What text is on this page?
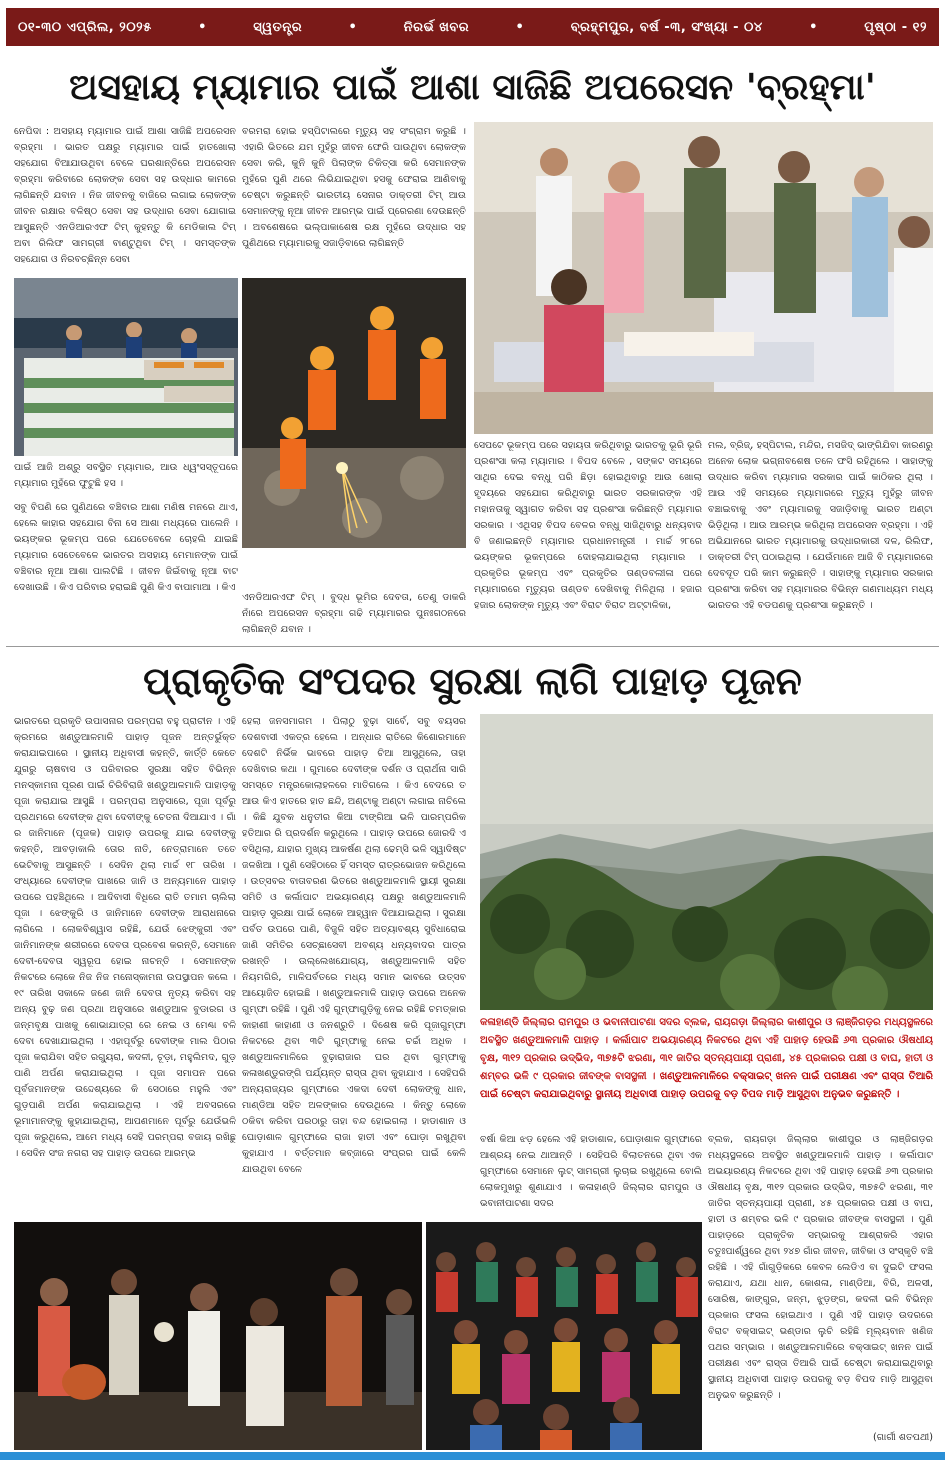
୦୧-୩୦ ଏପ୍ରିଲ, ୨୦୨୫	•	ସ୍ୱତନ୍ତ୍ର	•	ନିରର୍ଭ ଖବର	•	ବ୍ରହ୍ମପୁର, ବର୍ଷ -୩, ସଂଖ୍ୟା - ୦୪	•	ପୃଷ୍ଠା - ୧୨
ଅସହାୟ ମ୍ୟାମାର ପାଇଁ ଆଶା ସାଜିଛି ଅପରେସନ 'ବ୍ରହ୍ମା'
ନେପିଦା : ଅସହାୟ ମ୍ୟାମାର ପାଇଁ ଆଶା ସାଜିଛି ଅପରେସନ ବ୍ରହ୍ମା । ଭାରତ ପକ୍ଷରୁ ମ୍ୟାମାର ପାଇଁ ହାତଖୋଲା ସହଯୋଗ ବିଆଯାଉଥିବା ବେଳେ ଘରଶାନ୍ତିରେ ଅପରେସନ ବ୍ରହ୍ମା କରିବାରେ ଲୋକଙ୍କ ସେବା ସହ ଉଦ୍ଧାର କାମରେ ଲାଗିଛନ୍ତି ଯବାନ । ନିଜ ଜୀବନକୁ ବାଜିରେ ଲଗାଇ ଲୋକଙ୍କ ଜୀବନ ରକ୍ଷାର ବଳିଷ୍ଠ ସେବା ସହ ଉଦ୍ଧାର ସେବା ଯୋଗାଇ ଆସୁଛନ୍ତି ଏନଡିଆରଏଫ ଟିମ୍ କୁହନ୍ତୁ କି ମେଡିକାଲ ଟିମ୍ ଅବା ରିଲିଫ ସାମଗ୍ରୀ ବାଣ୍ଟୁଥିବା ଟିମ୍ । ସମସ୍ତଙ୍କ ସହଯୋଗ ଓ ନିରବଚ୍ଛିନ୍ନ ସେବା
ବରମରା ହୋଇ ହସ୍ପିଟାଲରେ ମୃତ୍ୟୁ ସହ ସଂଗ୍ରାମ କରୁଛି । ଏହାରି ଭିତରେ ଯମ ମୁହଁରୁ ଜୀବନ ଫେରି ପାଉଥିବା ଲୋକଙ୍କ ସେବା କରି, କୁନି କୁନି ପିଲାଙ୍କ ଚିକିତ୍ସା କରି ସେମାନଙ୍କ ମୁହଁରେ ପୁଣି ଥରେ ଲିଭିଯାଇଥିବା ହସକୁ ଫେରାଇ ଆଣିବାକୁ ଚେଷ୍ଟା କରୁଛନ୍ତି ଭାରତୀୟ ସେନାର ଡାକ୍ତରୀ ଟିମ୍ ଆଉ ସେମାନଙ୍କୁ ନୂଆ ଜୀବନ ଆରମ୍ଭ ପାଇଁ ପ୍ରେରଣା ଦେଉଛନ୍ତି । ଅବଶେଷରେ ଭଲ୍ପାକାଶେଷ ରକ୍ଷ ମୁହଁରେ ଉଦ୍ଧାର ସହ ପୁଣିଥରେ ମ୍ୟାମାରକୁ ସଜାଡ଼ିବାରେ ଲାଗିଛନ୍ତି
ପାଇଁ ଆଜି ଅଶ୍ରୁ ସବସ୍ଥିତ ମ୍ୟାମାର, ଆଉ ଧ୍ୱଂସସ୍ତୂପରେ ମ୍ୟାମାର ମୁହଁରେ ଫୁଟୁଛି ହସ ।
ସବୁ ବିପଣି ରେ ପୁଣିଥରେ ବଞ୍ଚିବାର ଆଶା ମଣିଷ ମନରେ ଥାଏ, ହେଲେ କାହାର ସହଯୋଗ ବିନା ସେ ଆଶା ମଧ୍ୟରେ ପାଲେନି । ଭୟଙ୍କର ଭୂକମ୍ପ ପରେ ଯେତେବେଳେ ଚୋହଲି ଯାଇଛି ମ୍ୟାମାର ସେତେବେଳେ ଭାରତର ଅସହାୟ ମେମାନଙ୍କ ପାଇଁ ବଞ୍ଚିବାର ନୂଆ ଆଶା ପାଲଟିଛି । ଜୀବନ ଜିଇଁବାକୁ ନୂଆ ବାଟ ଦେଖାଉଛି । କିଏ ପରିବାର ହରାଇଛି ପୁଣି କିଏ ବାପାମାଆ । କିଏ
ଏନଡିଆରଏଫ ଟିମ୍ । ବୁଦ୍ଧ ଭୂମିର ଦେବତା, ତେଣୁ ଡାକରି ନାଁରେ ଅପରେସନ ବ୍ରହ୍ମା ଗଢି ମ୍ୟାମାରର ପୁନଃଗଠନରେ ଲାଗିଛନ୍ତି ଯବାନ ।
ସେପଟେ ଭୂକମ୍ପ ପରେ ସହାୟତା କରିଥିବାରୁ ଭାରତକୁ ଭୂରି ଭୂରି ପ୍ରଶଂସା କଲା ମ୍ୟାମାର । ବିପଦ ବେଳେ , ସଙ୍କଟ ସମୟରେ ସାଥିର ଦେଇ ବନ୍ଧୁ ପରି ଛିଡ଼ା ହୋଇଥିବାରୁ ଆଉ ଖୋଲା ହୃଦୟରେ ସହଯୋଗ କରିଥିବାରୁ ଭାରତ ସରକାରଙ୍କ ଏହି ମହାନତାକୁ ସ୍ୱାଗତ କରିବା ସହ ପ୍ରଶଂସା କରିଛନ୍ତି ମ୍ୟାମାର ସରକାର । ଏଥିସହ ବିପଦ ବେଳର ବନ୍ଧୁ ସାଜିଥିବାରୁ ଧନ୍ୟବାଦ ବି ଜଣାଇଛନ୍ତି ମ୍ୟାମାର ପ୍ରଧାନମନ୍ତ୍ରୀ । ମାର୍ଚ୍ଚ ୨୮ରେ ଭୟଙ୍କର ଭୂକମ୍ପରେ ଦୋହଲାଯାଇଥିଲା ମ୍ୟାମାର । ପ୍ରକୃତିର ଭୂକମ୍ପ ଏବଂ ପ୍ରକୃତିର ତାଣ୍ଡବଲୀଳା ପରେ ମ୍ୟାମାରରେ ମୃତ୍ୟୁର ତାଣ୍ଡବ ଦେଖିବାକୁ ମିଳିଥିଲା । ହଜାର ହଜାର ଲୋକଙ୍କ ମୃତ୍ୟୁ ଏବଂ ବିରାଟ ବିରାଟ ଅଟ୍ଟାଳିକା,
ମଲ, ବ୍ରିଜ୍, ହସ୍ପିଟାଲ, ମନ୍ଦିର, ମସଜିଦ୍ ଭାଙ୍ଗିଯିବା କାରଣରୁ ଅନେକ ଲୋକ ଭଗ୍ନାବଶେଷ ତଳେ ଫସି ରହିଥିଲେ । ସାହାଙ୍କୁ ଉଦ୍ଧାର କରିବା ମ୍ୟାମାର ସରକାର ପାଇଁ କାଠିକର ଥିଲା । ଆଉ ଏହି ସମୟରେ ମ୍ୟାମାରରେ ମୃତ୍ୟୁ ମୁହଁରୁ ଜୀବନ ବଞ୍ଚାଇବାକୁ ଏବଂ ମ୍ୟାମାରକୁ ସଜାଡ଼ିବାକୁ ଭାରତ ଅଣ୍ଟା ଭିଡ଼ିଥିଲା । ଆଉ ଆରମ୍ଭ କରିଥିଲା ଅପରେସନ ବ୍ରହ୍ମା । ଏହି ଅଭିଯାନରେ ଭାରତ ମ୍ୟାମାରକୁ ଉଦ୍ଧାରକାରୀ ଦଳ, ରିଲିଫ, ଡାକ୍ତରୀ ଟିମ୍ ପଠାଇଥିଲା । ଯେଉଁମାନେ ଆଜି ବି ମ୍ୟାମାରରେ ଦେବଦୂତ ପରି କାମ କରୁଛନ୍ତି । ସାହାଙ୍କୁ ମ୍ୟାମାର ସରକାର ପ୍ରଶଂସା କରିବା ସହ ମ୍ୟାମାରର ବିଭିନ୍ନ ଗଣମାଧ୍ୟମ ମଧ୍ୟ ଭାରତର ଏହି ବଡପଣକୁ ପ୍ରଶଂସା କରୁଛନ୍ତି ।
ପ୍ରାକୃତିକ ସଂପଦର ସୁରକ୍ଷା ଲାଗି ପାହାଡ଼ ପୂଜନ
ଭାରତରେ ପ୍ରକୃତି ଉପାସନାର ପରମ୍ପରା ବହୁ ପ୍ରାଚୀନ । ଏହି କ୍ରମରେ ଖଣ୍ଡୁଆଳମାଳି ପାହାଡ଼ ପୂଜନ ଅନ୍ତର୍ଭୁକ୍ତ କରାଯାଇପାରେ । ସ୍ଥାନୀୟ ଅଧିବାସୀ କହନ୍ତି, କାର୍ତ୍ତି କେତେ ଯୁଗରୁ ଚାଷବାସ ଓ ପରିବାରର ସୁରକ୍ଷା ସହିତ ବିଭିନ୍ନ ମନସ୍କାମନା ପୂରଣ ପାଇଁ ଚିରିବିରାଜି ଖଣ୍ଡୁଆଳମାଳି ପାହାଡ଼କୁ ପୂଜା କରାଯାଇ ଆସୁଛି । ପରମ୍ପରା ଅନୁସାରେ, ପୂଜା ପୂର୍ବରୁ ପ୍ରଥମରେ ଦେବୀଙ୍କ ଥିବା ଦେବୀଙ୍କୁ ଚେତନା ଦିଆଯାଏ । ଗାଁ ର ଜାନିମାନେ (ପୂଜକ) ପାହାଡ଼ ଉପରକୁ ଯାଇ ଦେବୀଙ୍କୁ କହନ୍ତି, ଆବଡ଼ାକାଲି ତୋର ନାତି, ନେତ୍ରାମାନେ ତତେ ଭେଟିବାକୁ ଆସୁଛନ୍ତି । ସେଦିନ ଥିଲା ମାର୍ଚ୍ଚ ୧୮ ତାରିଖ । ସଂଧ୍ୟାରେ ଦେବୀଙ୍କ ପାଖରେ ଜାନି ଓ ଅନ୍ୟମାନେ ପାହାଡ଼ ଉପରେ ପହଞ୍ଚିଥିଲେ । ଆଦିବାସୀ ବିଧିରେ ରାତି ତମାମ ଚାଲିଲା ପୂଜା । ଝେଙ୍କୁରି ଓ ଜାନିମାନେ ଦେବୀଙ୍କ ଆରାଧନାରେ ଲାଗିଲେ । ଲୋକବିଶ୍ୱାସ ରହିଛି, ଯେଉଁ ଝେଙ୍କୁରୀ ଏବଂ ଜାନିମାନଙ୍କ ଶରୀରରେ ଦେବତା ପ୍ରବେଶ କରନ୍ତି, ସେମାନେ ଦେବୀ-ଦେବତା ସ୍ୱରୂପ ହୋଇ ନାଚନ୍ତି । ସେମାନଙ୍କ ନିକଟରେ ଲୋକେ ନିଜ ନିଜ ମନୋସ୍କାମନା ଉପସ୍ଥାପନ କଲେ । ୧୯ ତାରିଖ ସକାଳେ ଜଣେ ଜାନି ଦେବତା ନୃତ୍ୟ କରିବା ସହ ଅନ୍ୟ ବୁଢ଼ ଜଣ ପ୍ରଥା ଅନୁସାରେ ଖଣ୍ଡୁଆଳ ବୁଡାରଗ ଓ ଜନ୍ମବୃକ୍ଷ ପାଖକୁ ଶୋଭାଯାତ୍ରା ରେ ନେଇ ଓ ମେଣ୍ଢା ବଳି ଦେବା ଦେଖାଯାଇଥିଲା । ଏହାପୂର୍ବରୁ ଦେବୀଙ୍କ ମାଲ ପିଠାର ପୂଜା କରାଯିବା ସହିତ ରଗ୍ୟୁରା, କଦଳୀ, ଚୂଡ଼ା, ମହୁଲିମଦ, ଗୁଡ଼ ପାଣି ଅର୍ପଣ କରାଯାଇଥିଲା । ପୂଜା ସମାପନ ପରେ ପୂର୍ବଜମାନଙ୍କ ଉଦ୍ଦେଶ୍ୟରେ କି ସେଠାରେ ମହୁଲି ଏବଂ ଗୁଡ଼ପାଣି ଅର୍ପଣ କରାଯାଇଥିଲା । ଏହି ଅବସରରେ ଭୂମାମାନଙ୍କୁ କୁହାଯାଇଥିଲା, ଆପଣମାନେ ପୂର୍ବରୁ ଯେଉଁଭଳି ପୂଜା କରୁଥିଲେ, ଆମେ ମଧ୍ୟ ସେହି ପରମ୍ପରା ବଜାୟ ରଖିଛୁ । ସେଦିନ ସଂଜ ନଗରା ସହ ପାହାଡ଼ ଉପରେ ଆରମ୍ଭ
ହେଲା ଜନସମାଗମ । ପିଲାଠୁ ବୁଢ଼ା ସାର୍ବେ, ସବୁ ବୟସର ଦେଶବାସୀ ଏକତ୍ର ହେଲେ । ଅନ୍ଧାର ରାତିରେ କିଶୋରମାନେ ଦେଶଟି ନିର୍ଭିକ ଭାବରେ ପାହାଡ଼ ଚିଆ ଆସୁଥିଲେ, ତାହା ଦେଖିବାର କଥା । ଗୁମାରେ ଦେବୀଙ୍କ ଦର୍ଶନ ଓ ପ୍ରାର୍ଥନା ସାରି ସମସ୍ତେ ମନ୍ତ୍ରକୋଲାହଳରେ ମାତିଗଲେ । କିଏ ବେଦରେ ତ ଆଉ କିଏ ହାତରେ ହାତ ଛନ୍ଦି, ଅଣ୍ଟାକୁ ଅଣ୍ଟା ଲଗାଇ ନାଚିଲେ । କିଛି ଯୁବକ ଧନୁତୀର କିଆ ଟାଙ୍ଗିଆ ଭଳି ପାରମ୍ପରିକ ହତିଆର ରି ପ୍ରଦର୍ଶନ କରୁଥିଲେ । ପାହାଡ଼ ଉପରେ ଜୋରଦି ଏ ବସିଥିଲା, ଯାହାର ମୁଖ୍ୟ ଆକର୍ଷଣ ଥିଲା ଢେମ୍ସି ଭଳି ସ୍ୱାଦିଷ୍ଟ ଜଳଖିଆ । ପୁଣି ସେହିଠାରେ ହିଁ ସମସ୍ତ ରାତ୍ରଭୋଜନ କରିଥିଲେ । ଉତ୍ସବର ବାତାବରଣ ଭିତରେ ଖଣ୍ଡୁଆଳମାଳି ସ୍ଥାୟୀ ସୁରକ୍ଷା ସମିତି ଓ କର୍ଲାପାଟ ଅଭୟାରଣ୍ୟ ପକ୍ଷରୁ ଖଣ୍ଡୁଆଳମାଳି ପାହାଡ଼ ସୁରକ୍ଷା ପାଇଁ ଲୋକେ ଆହ୍ୱାନ ଦିଆଯାଇଥିଲା । ସୁରକ୍ଷା ପର୍ବତ ଉପରେ ପାଣି, ବିଜୁଳି ସହିତ ଅତ୍ୟାବଶ୍ୟ ସୁବିଧାରୋଇ ଜାଣି ସମିତିର ସେଚ୍ଛାସେବୀ ଅବଶ୍ୟ ଧନ୍ୟବାଦର ପାତ୍ର ରଖନ୍ତି । ଉଲ୍ଲେଖଯୋଗ୍ୟ, ଖଣ୍ଡୁଆଳମାଳି ସହିତ ନିୟମଗିରି, ମାଳିପର୍ବତରେ ମଧ୍ୟ ସମାନ ଭାବରେ ଉତ୍ସବ ଆୟୋଜିତ ହୋଇଛି । ଖଣ୍ଡୁଆଳମାଳି ପାହାଡ଼ ଉପରେ ଅନେକ ଗୁମ୍ଫା ରହିଛି । ପୁଣି ଏହି ଗୁମ୍ଫାଗୁଡ଼ିକୁ ନେଇ ରହିଛି ଚମତ୍କାର କାହାଣୀ କାହାଣୀ ଓ ଜନଶ୍ରୁତି । ଦିଶେଷ କରି ପୂଜାଗୁମ୍ଫା ନିକଟରେ ଥିବା ୩ଟି ଗୁମ୍ଫାକୁ ନେଇ ଚର୍ଚ୍ଚା ଅଧିକ । ଖଣ୍ଡୁଆଳମାଳିରେ ବୁଢ଼ାରାଜାର ଘର ଥିବା ଗୁମ୍ଫାକୁ କଳାଖଣ୍ଡୁରଙ୍ଗି ପର୍ଯ୍ୟନ୍ତ ରାସ୍ତା ଥିବା କୁହାଯାଏ । ସେହିପରି ଅନ୍ୟରାଜ୍ୟର ଗୁମ୍ଫାରେ ଏକଦା ଦେବୀ ଲୋକଙ୍କୁ ଧାନ, ମାଣ୍ଡିଆ ସହିତ ଅଳଙ୍କାର ଦେଉଥିଲେ । କିନ୍ତୁ ଲୋକେ ଠକିବା କରିବା ପରଠାରୁ ତାହା ବନ୍ଦ ହୋଇଗଲା । ହାଡାଶାନ ଓ ଘୋଡ଼ାଶାଳ ଗୁମ୍ଫାରେ ରାଜା ହାତୀ ଏବଂ ଘୋଡ଼ା ରଖୁଥିବା କୁହାଯାଏ । ବର୍ତ୍ତମାନ କବ୍ଜାରେ ସଂପ୍ରର ପାଇଁ କେଳି ଯାଉଥିବା ବେଳେ
କଳାହାଣ୍ଡି ଜିଲ୍ଲାର ରାମପୁର ଓ ଭବାନୀପାଟଣା ସଦର ବ୍ଲକ, ରାୟଗଡ଼ା ଜିଲ୍ଲାର କାଶୀପୁର ଓ ଲାଞ୍ଜିଗଡ଼ର ମଧ୍ୟସ୍ଥଳରେ ଅବସ୍ଥିତ ଖଣ୍ଡୁଆଳମାଳି ପାହାଡ଼ । କର୍ଲାପାଟ ଅଭୟାରଣ୍ୟ ନିକଟରେ ଥିବା ଏହି ପାହାଡ଼ ହେଉଛି ୬୩ ପ୍ରକାର ଔଷଧୀୟ ବୃକ୍ଷ, ୩୧୨ ପ୍ରକାର ଉଦ୍ଭିଦ, ୩୭୫ଟି ଝରଣା, ୩୧ ଜାତିର ସ୍ତନ୍ୟପାୟୀ ପ୍ରାଣୀ, ୪୫ ପ୍ରକାରର ପକ୍ଷୀ ଓ ବାଘ, ହାତୀ ଓ ଶମ୍ବର ଭଳି ୯ ପ୍ରକାର ଜୀବଙ୍କ ବାସସ୍ଥଳୀ । ଖଣ୍ଡୁଆଳମାଳିରେ ବକ୍ସାଇଟ୍ ଖନନ ପାଇଁ ପରୀକ୍ଷଣ ଏବଂ ରାସ୍ତା ତିଆରି ପାଇଁ ଚେଷ୍ଟା କରାଯାଇଥିବାରୁ ସ୍ଥାନୀୟ ଅଧିବାସୀ ପାହାଡ଼ ଉପରକୁ ବଡ଼ ବିପଦ ମାଡ଼ି ଆସୁଥିବା ଅନୁଭବ କରୁଛନ୍ତି ।
ବର୍ଷା କିଆ ଝଡ଼ ହେଲେ ଏହି ହାଡାଶାଳ, ଘୋଡ଼ାଶାଳ ଗୁମ୍ଫାରେ ଆଶ୍ରୟ ନେଇ ଥାଆନ୍ତି । ସେହିପରି ବିଲାତନରେ ଥିବା ଏକ ଗୁମ୍ଫାରେ ସେମାନେ ଲୁଟ୍ ସାମଗ୍ରୀ ଲୁଚାଇ ରଖୁଥିଲେ ବୋଲି ଲୋକମୁଖରୁ ଶୁଣାଯାଏ । କଳାହାଣ୍ଡି ଜିଲ୍ଲାର ରାମପୁର ଓ ଭବାନୀପାଟଣା ସଦର
ବ୍ଲକ, ରାୟଗଡ଼ା ଜିଲ୍ଲାର କାଶୀପୁର ଓ ଲାଞ୍ଜିଗଡ଼ର ମଧ୍ୟସ୍ଥଳରେ ଅବସ୍ଥିତ ଖଣ୍ଡୁଆଳମାଳି ପାହାଡ଼ । କର୍ଲାପାଟ ଅଭୟାରଣ୍ୟ ନିକଟରେ ଥିବା ଏହି ପାହାଡ଼ ହେଉଛି ୬୩ ପ୍ରକାର ଔଷଧୀୟ ବୃକ୍ଷ, ୩୧୨ ପ୍ରକାର ଉଦ୍ଭିଦ, ୩୭୫ଟି ଝରଣା, ୩୧ ଜାତିର ସ୍ତନ୍ୟପାୟୀ ପ୍ରାଣୀ, ୪୫ ପ୍ରକାରର ପକ୍ଷୀ ଓ ବାଘ, ହାତୀ ଓ ଶମ୍ବର ଭଳି ୯ ପ୍ରକାର ଜୀବଙ୍କ ବାସସ୍ଥଳୀ । ପୁଣି ପାହାଡ଼ରେ ପ୍ରାକୃତିକ ସମ୍ଭାରକୁ ଆଶ୍ରାକରି ଏହାର ଚତୁଃପାର୍ଶ୍ୱରେ ଥିବା ୨୪୭ ଗାଁର ଜୀବନ, ଜୀବିକା ଓ ସଂସ୍କୃତି ବଞ୍ଚି ରହିଛି । ଏହି ଗାଁଗୁଡ଼ିକରେ କେବଳ ଲେଡିଏ ବା ଦୁଇଟି ଫସଲ କରାଯାଏ, ଯଥା ଧାନ, କୋଶଳା, ମାଣ୍ଡିଆ, ବିରି, ଅଳସୀ, ସୋରିଷ, କାଙ୍ଗୁର, ଜନ୍ମ, ଝୁଡ଼ଙ୍ଗ, କଦଳୀ ଭଳି ବିଭିନ୍ନ ପ୍ରକାର ଫସଲ ହୋଇଥାଏ । ପୁଣି ଏହି ପାହାଡ଼ ଉଦରରେ ବିରାଟ ବକ୍ସାଇଟ୍ ଭଣ୍ଡାର ଲୁଚି ରହିଛି ମୂଲ୍ୟବାନ ଖଣିଜ ପଥର ସମ୍ଭାର । ଖଣ୍ଡୁଆଳମାଳିରେ ବକ୍ସାଇଟ୍ ଖନନ ପାଇଁ ପରୀକ୍ଷଣ ଏବଂ ରାସ୍ତା ତିଆରି ପାଇଁ ଚେଷ୍ଟା କରାଯାଇଥିବାରୁ ସ୍ଥାନୀୟ ଅଧିବାସୀ ପାହାଡ଼ ଉପରକୁ ବଡ଼ ବିପଦ ମାଡ଼ି ଆସୁଥିବା ଅନୁଭବ କରୁଛନ୍ତି ।
(ଗାର୍ଗୀ ଶତପଥୀ)
